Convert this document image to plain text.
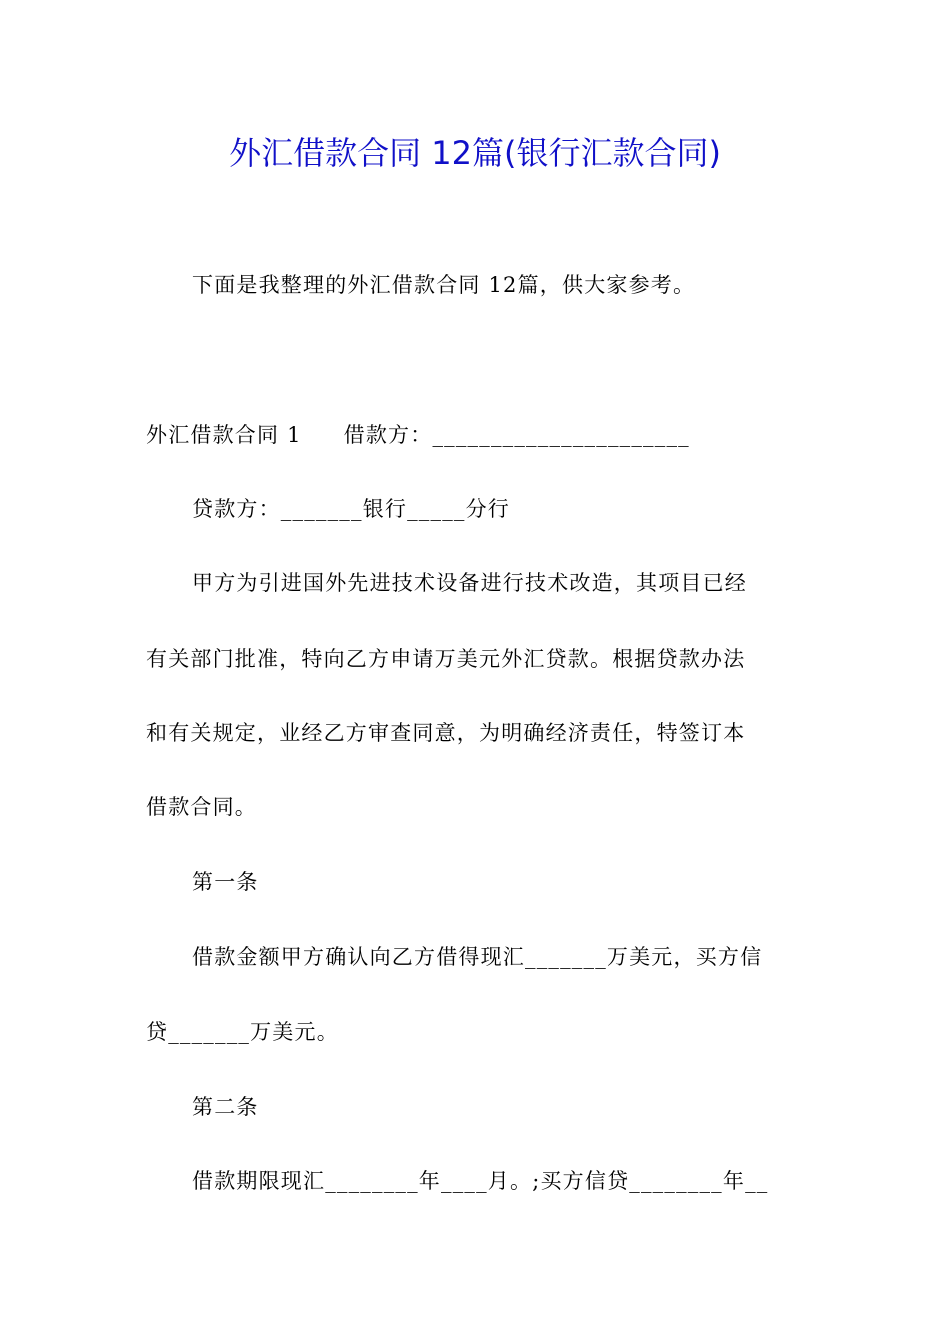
外汇借款合同 12篇(银行汇款合同)
下面是我整理的外汇借款合同 12篇，供大家参考。
外汇借款合同 1 借款方：______________________
贷款方：_______银行_____分行
甲方为引进国外先进技术设备进行技术改造，其项目已经
有关部门批准，特向乙方申请万美元外汇贷款。根据贷款办法
和有关规定，业经乙方审查同意，为明确经济责任，特签订本
借款合同。
第一条
借款金额甲方确认向乙方借得现汇_______万美元，买方信
贷_______万美元。
第二条
借款期限现汇________年____月。;买方信贷________年__
